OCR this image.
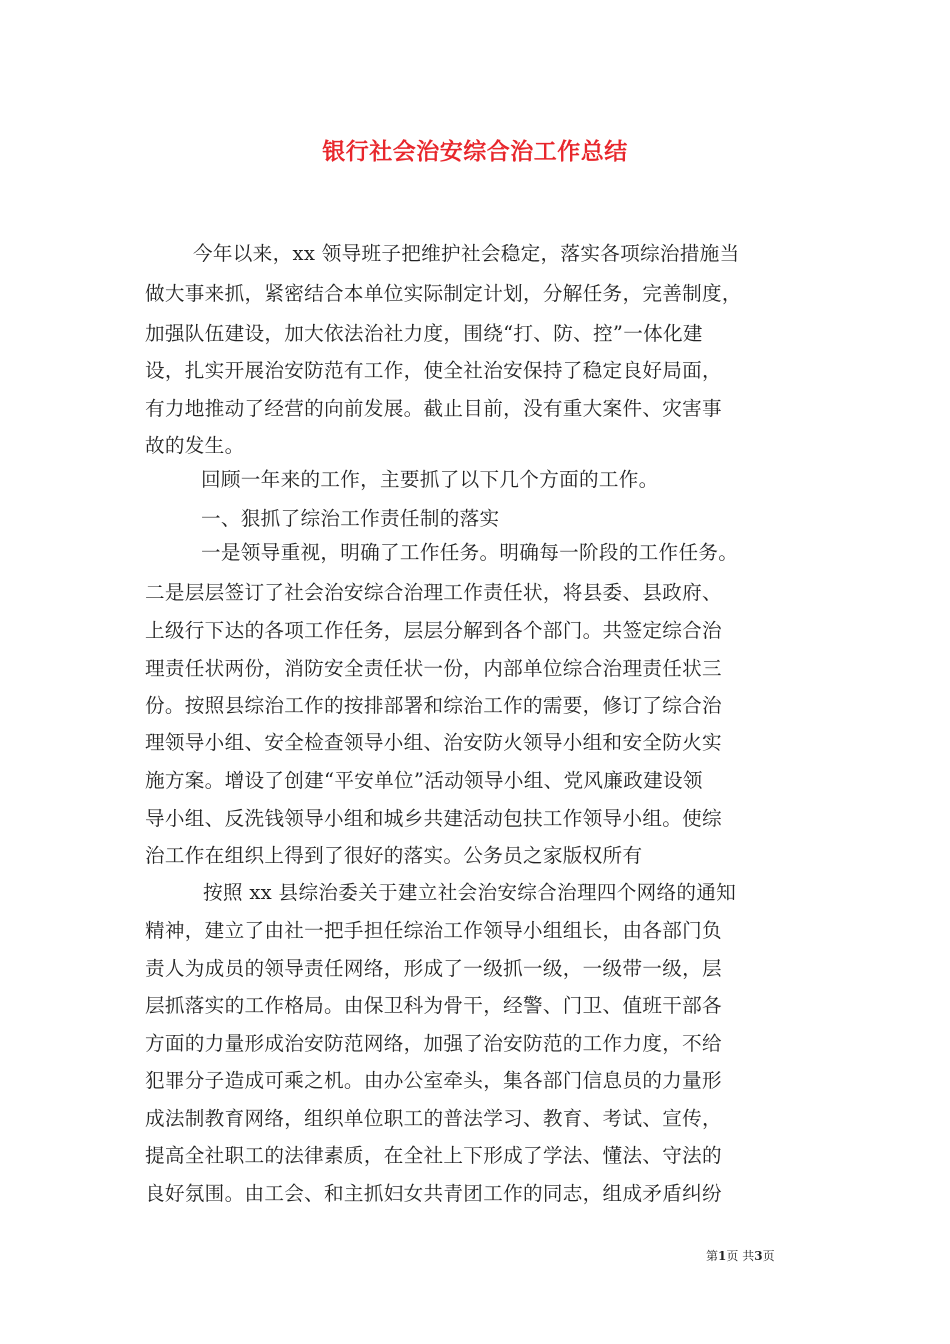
银行社会治安综合治工作总结
今年以来，xx 领导班子把维护社会稳定，落实各项综治措施当
做大事来抓，紧密结合本单位实际制定计划，分解任务，完善制度，
加强队伍建设，加大依法治社力度，围绕“打、防、控”一体化建
设，扎实开展治安防范有工作，使全社治安保持了稳定良好局面，
有力地推动了经营的向前发展。截止目前，没有重大案件、灾害事
故的发生。
回顾一年来的工作，主要抓了以下几个方面的工作。
一、狠抓了综治工作责任制的落实
一是领导重视，明确了工作任务。明确每一阶段的工作任务。
二是层层签订了社会治安综合治理工作责任状，将县委、县政府、
上级行下达的各项工作任务，层层分解到各个部门。共签定综合治
理责任状两份，消防安全责任状一份，内部单位综合治理责任状三
份。按照县综治工作的按排部署和综治工作的需要，修订了综合治
理领导小组、安全检查领导小组、治安防火领导小组和安全防火实
施方案。增设了创建“平安单位”活动领导小组、党风廉政建设领
导小组、反洗钱领导小组和城乡共建活动包扶工作领导小组。使综
治工作在组织上得到了很好的落实。公务员之家版权所有
按照 xx 县综治委关于建立社会治安综合治理四个网络的通知
精神，建立了由社一把手担任综治工作领导小组组长，由各部门负
责人为成员的领导责任网络，形成了一级抓一级，一级带一级，层
层抓落实的工作格局。由保卫科为骨干，经警、门卫、值班干部各
方面的力量形成治安防范网络，加强了治安防范的工作力度，不给
犯罪分子造成可乘之机。由办公室牵头，集各部门信息员的力量形
成法制教育网络，组织单位职工的普法学习、教育、考试、宣传，
提高全社职工的法律素质，在全社上下形成了学法、懂法、守法的
良好氛围。由工会、和主抓妇女共青团工作的同志，组成矛盾纠纷
第1页 共3页
